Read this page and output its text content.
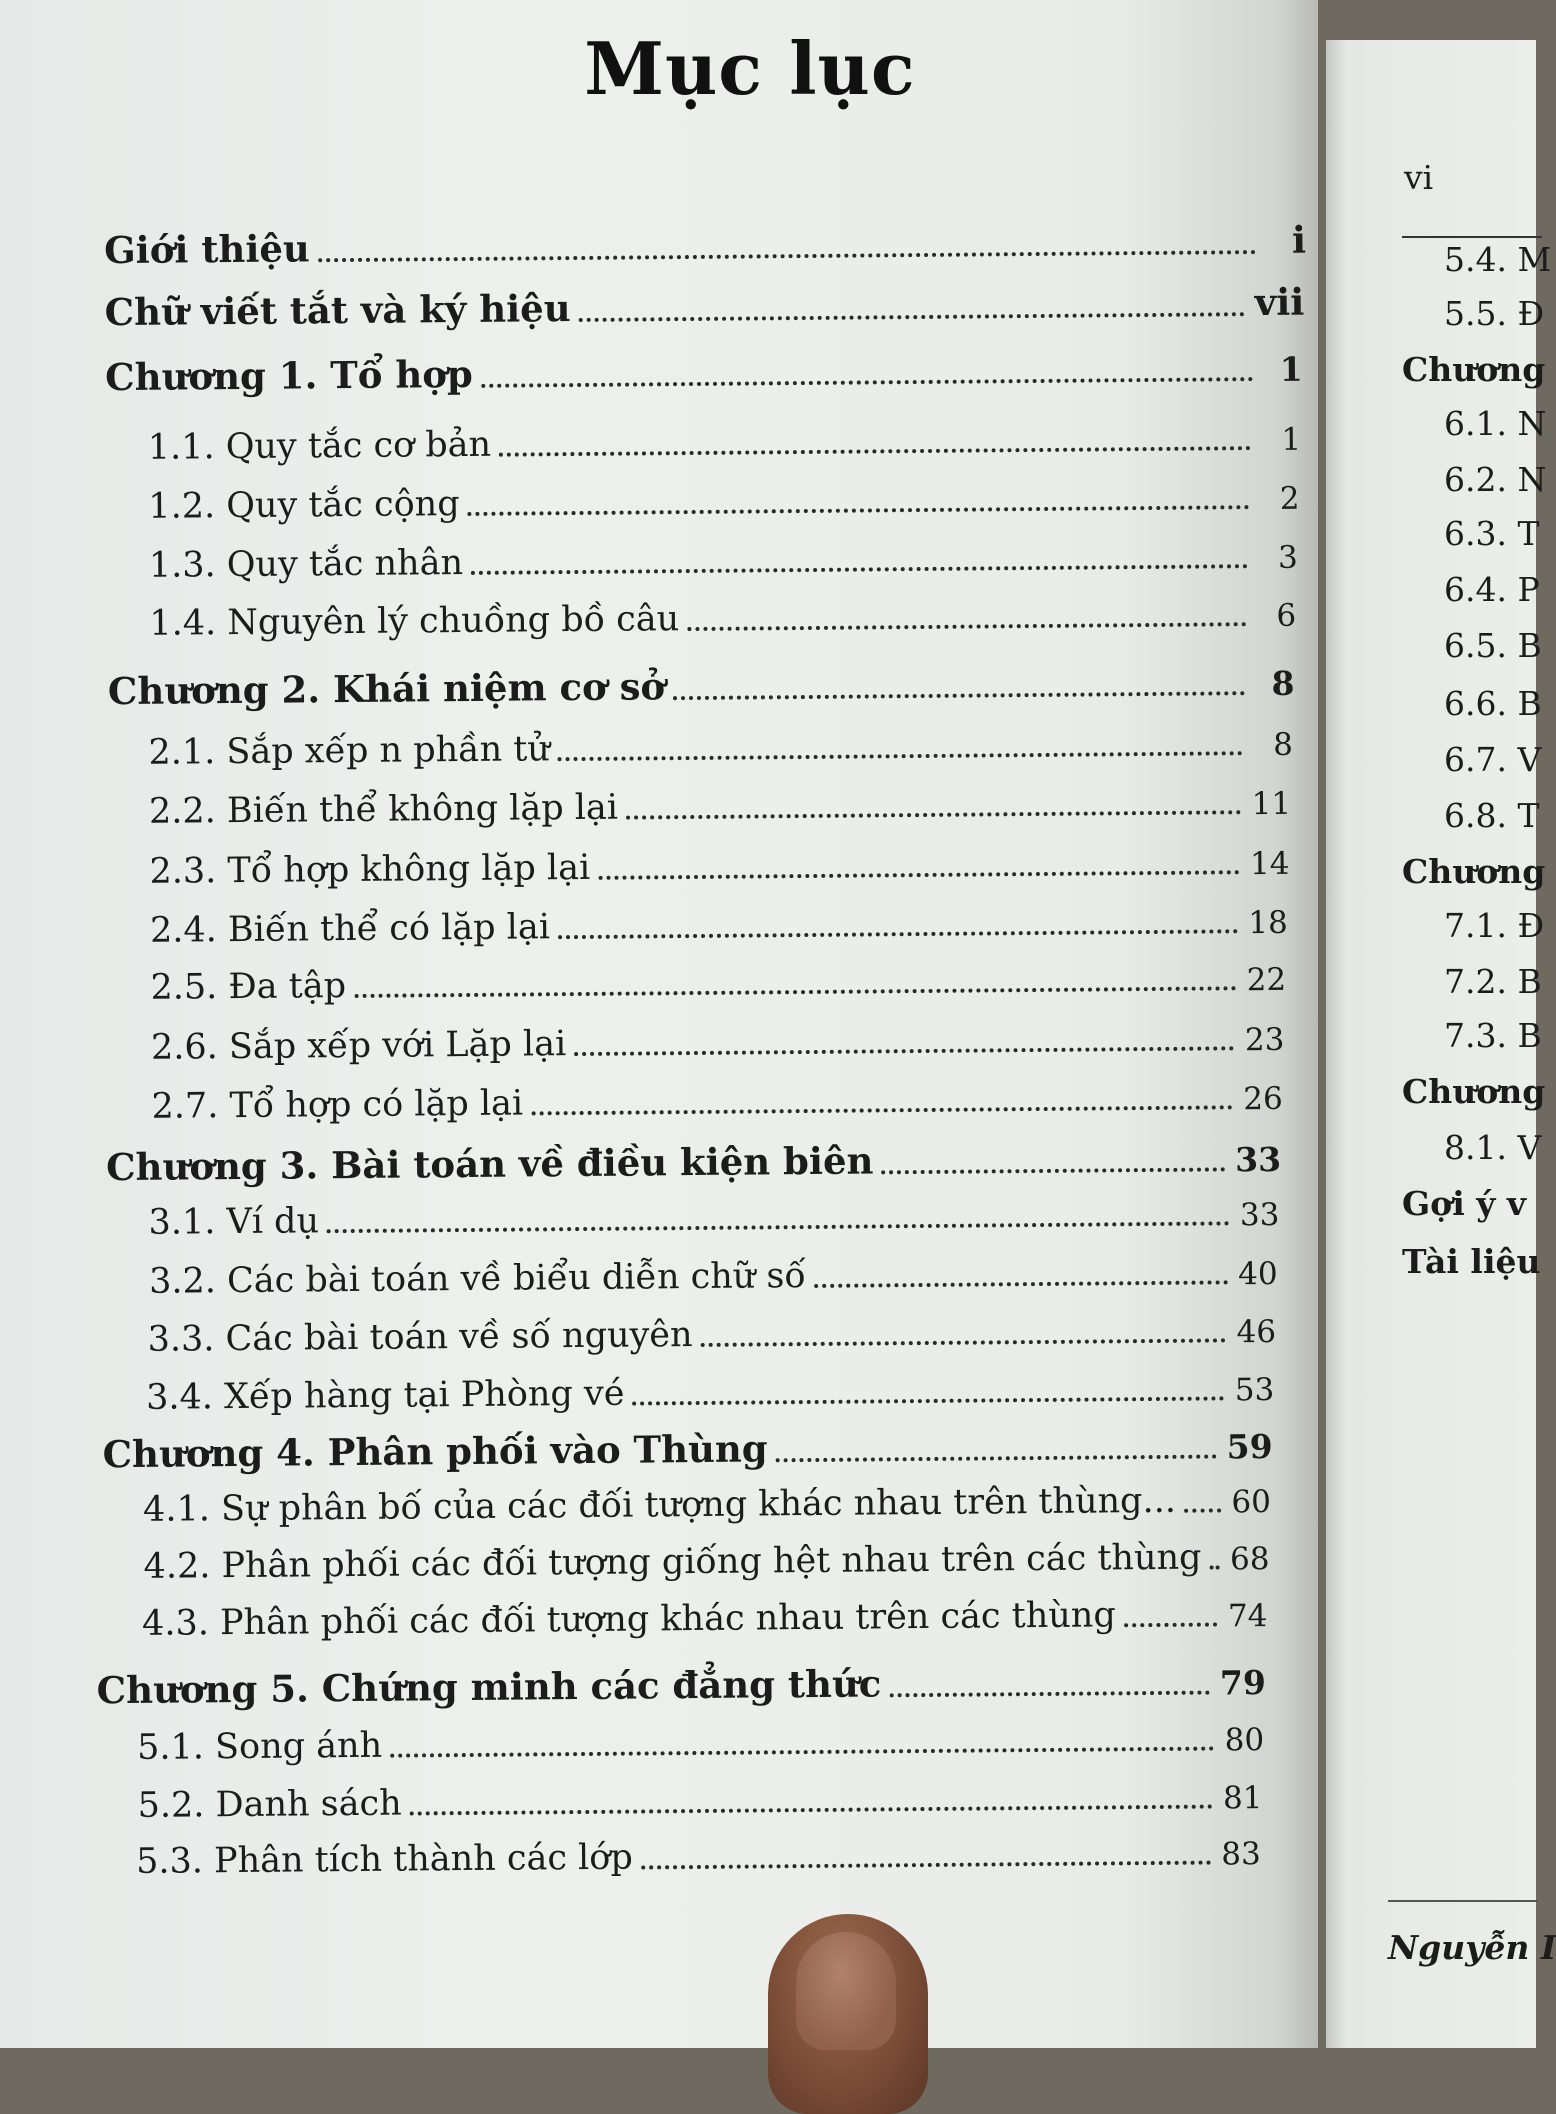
Mục lục
Giới thiệu	i
Chữ viết tắt và ký hiệu	vii
Chương 1. Tổ hợp	1
1.1. Quy tắc cơ bản	1
1.2. Quy tắc cộng	2
1.3. Quy tắc nhân	3
1.4. Nguyên lý chuồng bồ câu	6
Chương 2. Khái niệm cơ sở	8
2.1. Sắp xếp n phần tử	8
2.2. Biến thể không lặp lại	11
2.3. Tổ hợp không lặp lại	14
2.4. Biến thể có lặp lại	18
2.5. Đa tập	22
2.6. Sắp xếp với Lặp lại	23
2.7. Tổ hợp có lặp lại	26
Chương 3. Bài toán về điều kiện biên	33
3.1. Ví dụ	33
3.2. Các bài toán về biểu diễn chữ số	40
3.3. Các bài toán về số nguyên	46
3.4. Xếp hàng tại Phòng vé	53
Chương 4. Phân phối vào Thùng	59
4.1. Sự phân bố của các đối tượng khác nhau trên thùng... 60
4.2. Phân phối các đối tượng giống hệt nhau trên các thùng 68
4.3. Phân phối các đối tượng khác nhau trên các thùng	74
Chương 5. Chứng minh các đẳng thức	79
5.1. Song ánh	80
5.2. Danh sách	81
5.3. Phân tích thành các lớp	83
vi
5.4. M
5.5. Đ
Chương
6.1. N
6.2. N
6.3. T
6.4. P
6.5. B
6.6. B
6.7. V
6.8. T
Chương
7.1. Đ
7.2. B
7.3. B
Chương
8.1. V
Gợi ý v
Tài liệu
Nguyễn I
